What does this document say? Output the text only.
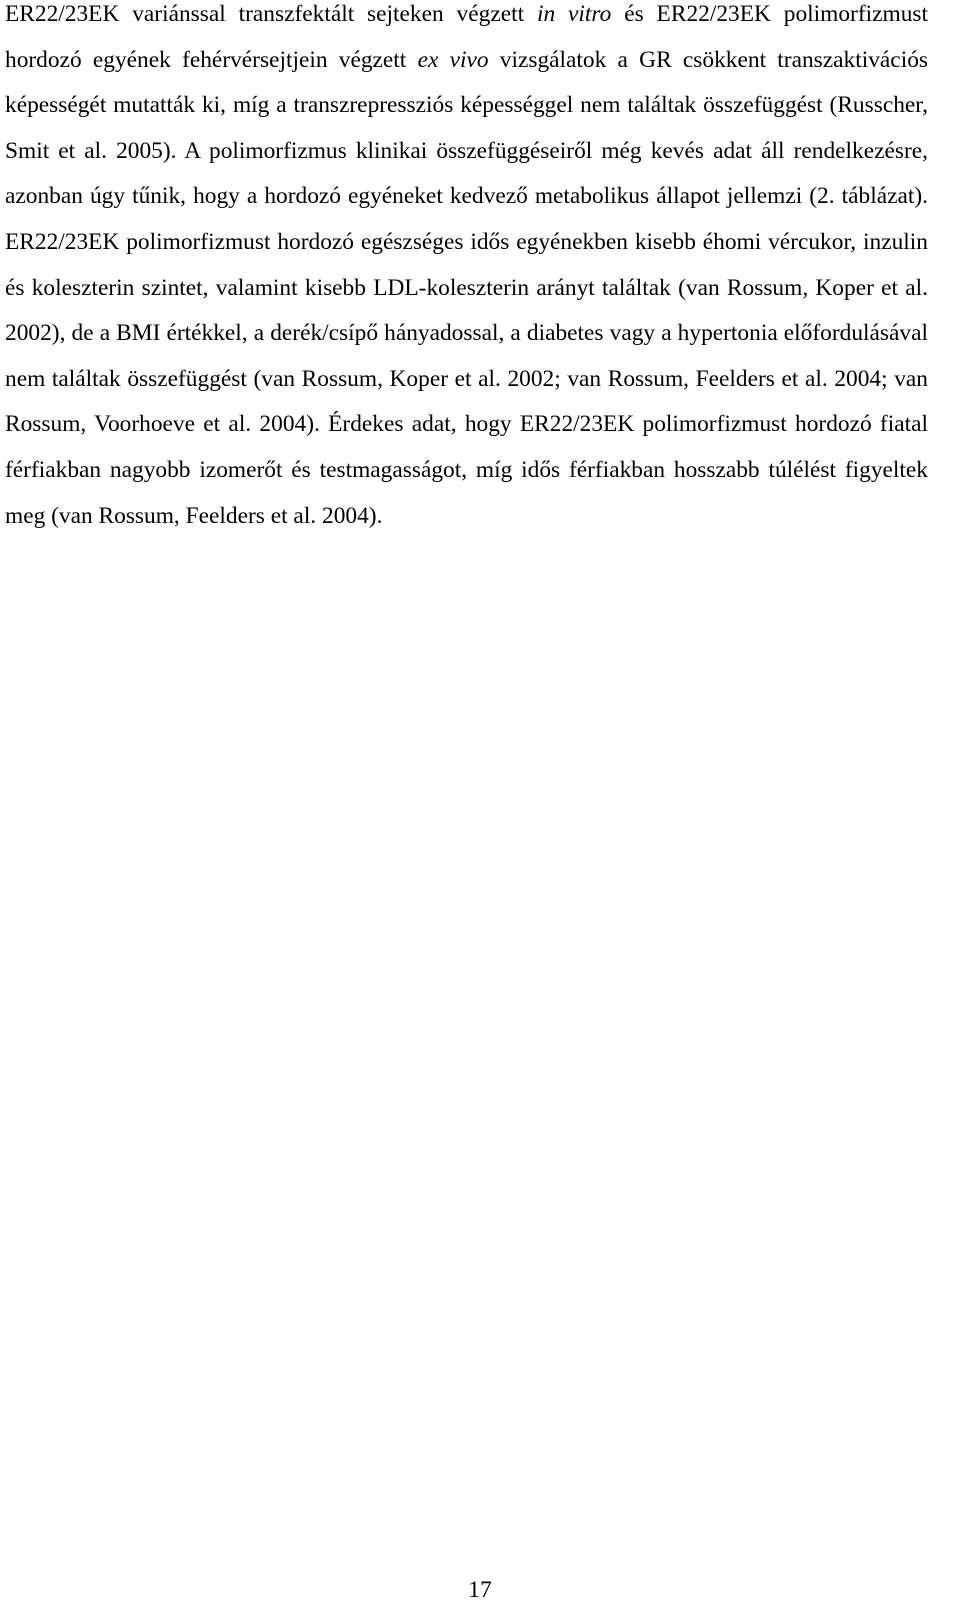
ER22/23EK variánssal transzfektált sejteken végzett in vitro és ER22/23EK polimorfizmust hordozó egyének fehérvérsejtjein végzett ex vivo vizsgálatok a GR csökkent transzaktivációs képességét mutatták ki, míg a transzrepressziós képességgel nem találtak összefüggést (Russcher, Smit et al. 2005). A polimorfizmus klinikai összefüggéseiről még kevés adat áll rendelkezésre, azonban úgy tűnik, hogy a hordozó egyéneket kedvező metabolikus állapot jellemzi (2. táblázat). ER22/23EK polimorfizmust hordozó egészséges idős egyénekben kisebb éhomi vércukor, inzulin és koleszterin szintet, valamint kisebb LDL-koleszterin arányt találtak (van Rossum, Koper et al. 2002), de a BMI értékkel, a derék/csípő hányadossal, a diabetes vagy a hypertonia előfordulásával nem találtak összefüggést (van Rossum, Koper et al. 2002; van Rossum, Feelders et al. 2004; van Rossum, Voorhoeve et al. 2004). Érdekes adat, hogy ER22/23EK polimorfizmust hordozó fiatal férfiakban nagyobb izomerőt és testmagasságot, míg idős férfiakban hosszabb túlélést figyeltek meg (van Rossum, Feelders et al. 2004).

17
